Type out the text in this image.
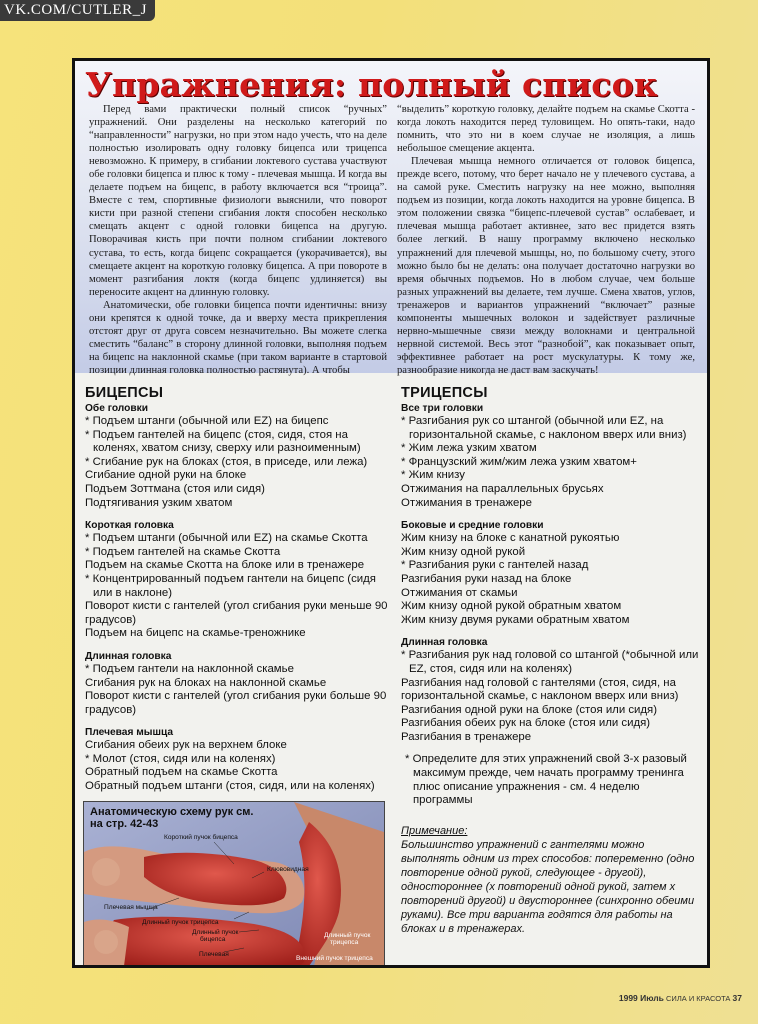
VK.COM/CUTLER_J
Упражнения: полный список

Перед вами практически полный список “ручных” упражнений. Они разделены на несколько категорий по “направленности” нагрузки, но при этом надо учесть, что на деле полностью изолировать одну головку бицепса или трицепса невозможно. К примеру, в сгибании локтевого сустава участвуют обе головки бицепса и плюс к тому - плечевая мышца. И когда вы делаете подъем на бицепс, в работу включается вся “троица”. Вместе с тем, спортивные физиологи выяснили, что поворот кисти при разной степени сгибания локтя способен несколько смещать акцент с одной головки бицепса на другую. Поворачивая кисть при почти полном сгибании локтевого сустава, то есть, когда бицепс сокращается (укорачивается), вы смещаете акцент на короткую головку бицепса. А при повороте в момент разгибания локтя (когда бицепс удлиняется) вы переносите акцент на длинную головку.

Анатомически, обе головки бицепса почти идентичны: внизу они крепятся к одной точке, да и вверху места прикрепления отстоят друг от друга совсем незначительно. Вы можете слегка сместить “баланс” в сторону длинной головки, выполняя подъем на бицепс на наклонной скамье (при таком варианте в стартовой позиции длинная головка полностью растянута). А чтобы

“выделить” короткую головку, делайте подъем на скамье Скотта - когда локоть находится перед туловищем. Но опять-таки, надо помнить, что это ни в коем случае не изоляция, а лишь небольшое смещение акцента.

Плечевая мышца немного отличается от головок бицепса, прежде всего, потому, что берет начало не у плечевого сустава, а на самой руке. Сместить нагрузку на нее можно, выполняя подъем из позиции, когда локоть находится на уровне бицепса. В этом положении связка “бицепс-плечевой сустав” ослабевает, и плечевая мышца работает активнее, зато вес придется взять более легкий. В нашу программу включено несколько упражнений для плечевой мышцы, но, по большому счету, этого можно было бы не делать: она получает достаточно нагрузки во время обычных подъемов. Но в любом случае, чем больше разных упражнений вы делаете, тем лучше. Смена хватов, углов, тренажеров и вариантов упражнений “включает” разные компоненты мышечных волокон и задействует различные нервно-мышечные связи между волокнами и центральной нервной системой. Весь этот “разнобой”, как показывает опыт, эффективнее работает на рост мускулатуры. К тому же, разнообразие никогда не даст вам заскучать!

БИЦЕПСЫ
Обе головки
* Подъем штанги (обычной или EZ) на бицепс
* Подъем гантелей на бицепс (стоя, сидя, стоя на коленях, хватом снизу, сверху или разноименным)
* Сгибание рук на блоках (стоя, в приседе, или лежа)
Сгибание одной руки на блоке
Подъем Зоттмана (стоя или сидя)
Подтягивания узким хватом
Короткая головка
* Подъем штанги (обычной или EZ) на скамье Скотта
* Подъем гантелей на скамье Скотта
Подъем на скамье Скотта на блоке или в тренажере
* Концентрированный подъем гантели на бицепс (сидя или в наклоне)
Поворот кисти с гантелей (угол сгибания руки меньше 90 градусов)
Подъем на бицепс на скамье-треножнике
Длинная головка
* Подъем гантели на наклонной скамье
Сгибания рук на блоках на наклонной скамье
Поворот кисти с гантелей (угол сгибания руки больше 90 градусов)
Плечевая мышца
Сгибания обеих рук на верхнем блоке
* Молот (стоя, сидя или на коленях)
Обратный подъем на скамье Скотта
Обратный подъем штанги (стоя, сидя, или на коленях)
ТРИЦЕПСЫ
Все три головки
* Разгибания рук со штангой (обычной или EZ, на горизонтальной скамье, с наклоном вверх или вниз)
* Жим лежа узким хватом
* Французский жим/жим лежа узким хватом+
* Жим книзу
Отжимания на параллельных брусьях
Отжимания в тренажере
Боковые и средние головки
Жим книзу на блоке с канатной рукоятью
Жим книзу одной рукой
* Разгибания руки с гантелей назад
Разгибания руки назад на блоке
Отжимания от скамьи
Жим книзу одной рукой обратным хватом
Жим книзу двумя руками обратным хватом
Длинная головка
* Разгибания рук над головой со штангой (*обычной или EZ, стоя, сидя или на коленях)
Разгибания над головой с гантелями (стоя, сидя, на горизонтальной скамье, с наклоном вверх или вниз)
Разгибания одной руки на блоке (стоя или сидя)
Разгибания обеих рук на блоке (стоя или сидя)
Разгибания в тренажере
* Определите для этих упражнений свой 3-х разовый максимум прежде, чем начать программу тренинга плюс описание упражнения - см. 4 неделю программы
Примечание:
Большинство упражнений с гантелями можно выполнять одним из трех способов: попеременно (одно повторение одной рукой, следующее - другой), одностороннее (x повторений одной рукой, затем x повторений другой) и двустороннее (синхронно обеими руками). Все три варианта годятся для работы на блоках и в тренажерах.
Анатомическую схему рук см.
на стр. 42-43
Короткий пучок бицепса
Клювовидная
Плечевая мышца
Длинный пучок трицепса
Длинный пучок
бицепса
Плечевая
Длинный пучок
трицепса
Внешний пучок трицепса
1999 Июль СИЛА И КРАСОТА 37
